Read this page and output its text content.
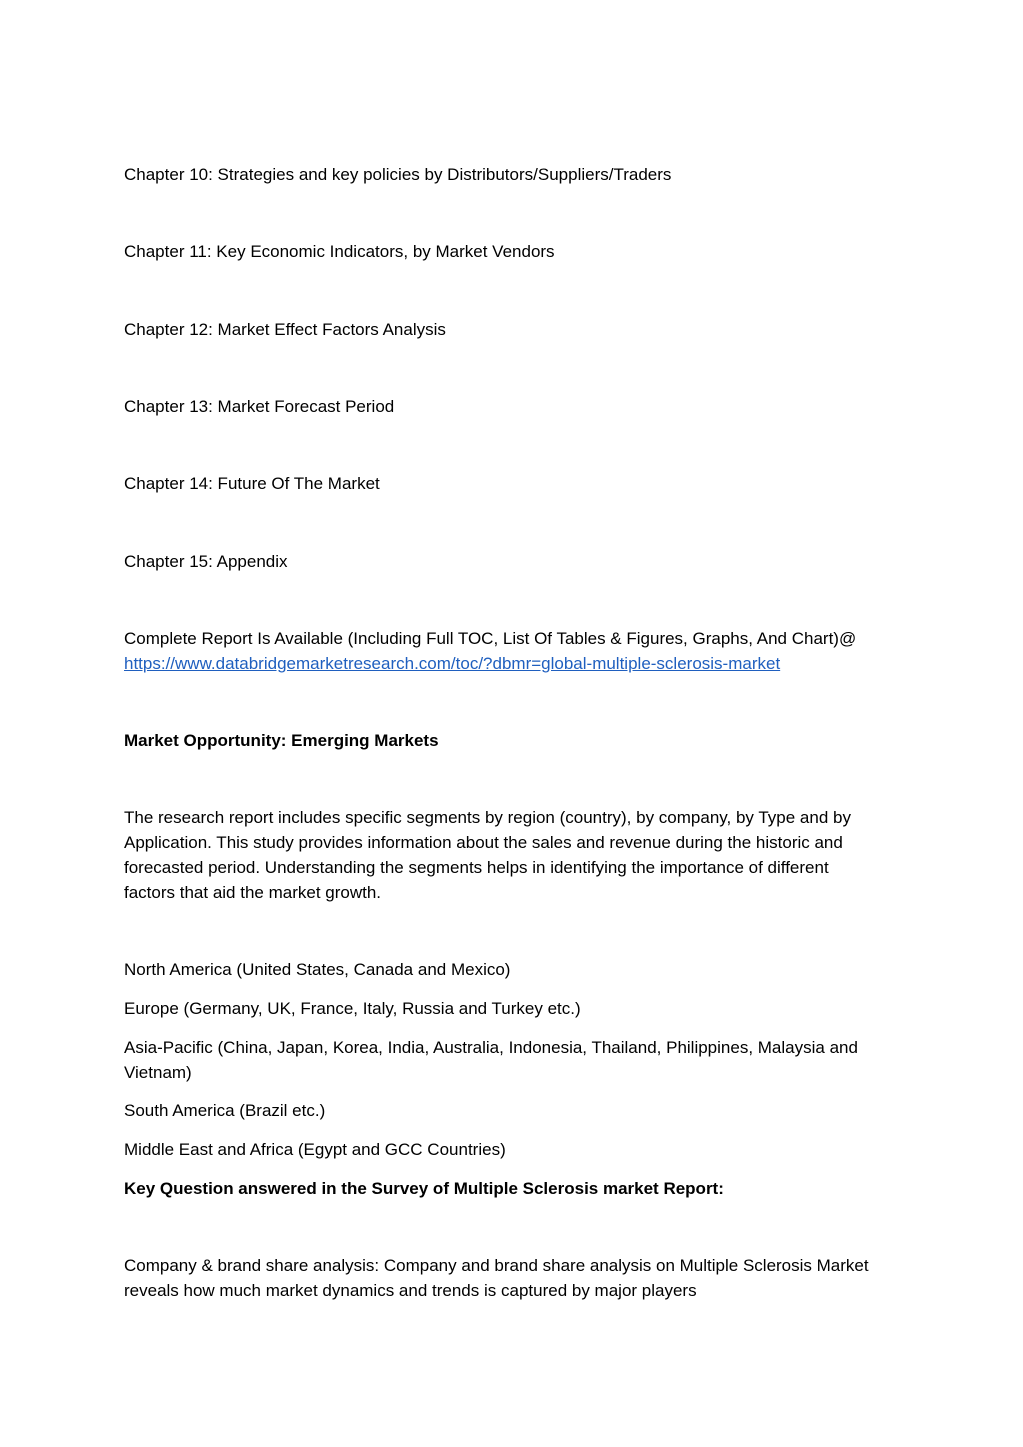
Chapter 10: Strategies and key policies by Distributors/Suppliers/Traders
Chapter 11: Key Economic Indicators, by Market Vendors
Chapter 12: Market Effect Factors Analysis
Chapter 13: Market Forecast Period
Chapter 14: Future Of The Market
Chapter 15: Appendix
Complete Report Is Available (Including Full TOC, List Of Tables & Figures, Graphs, And Chart)@
https://www.databridgemarketresearch.com/toc/?dbmr=global-multiple-sclerosis-market
Market Opportunity: Emerging Markets
The research report includes specific segments by region (country), by company, by Type and by Application. This study provides information about the sales and revenue during the historic and forecasted period. Understanding the segments helps in identifying the importance of different factors that aid the market growth.
North America (United States, Canada and Mexico)
Europe (Germany, UK, France, Italy, Russia and Turkey etc.)
Asia-Pacific (China, Japan, Korea, India, Australia, Indonesia, Thailand, Philippines, Malaysia and Vietnam)
South America (Brazil etc.)
Middle East and Africa (Egypt and GCC Countries)
Key Question answered in the Survey of Multiple Sclerosis market Report:
Company & brand share analysis: Company and brand share analysis on Multiple Sclerosis Market reveals how much market dynamics and trends is captured by major players
